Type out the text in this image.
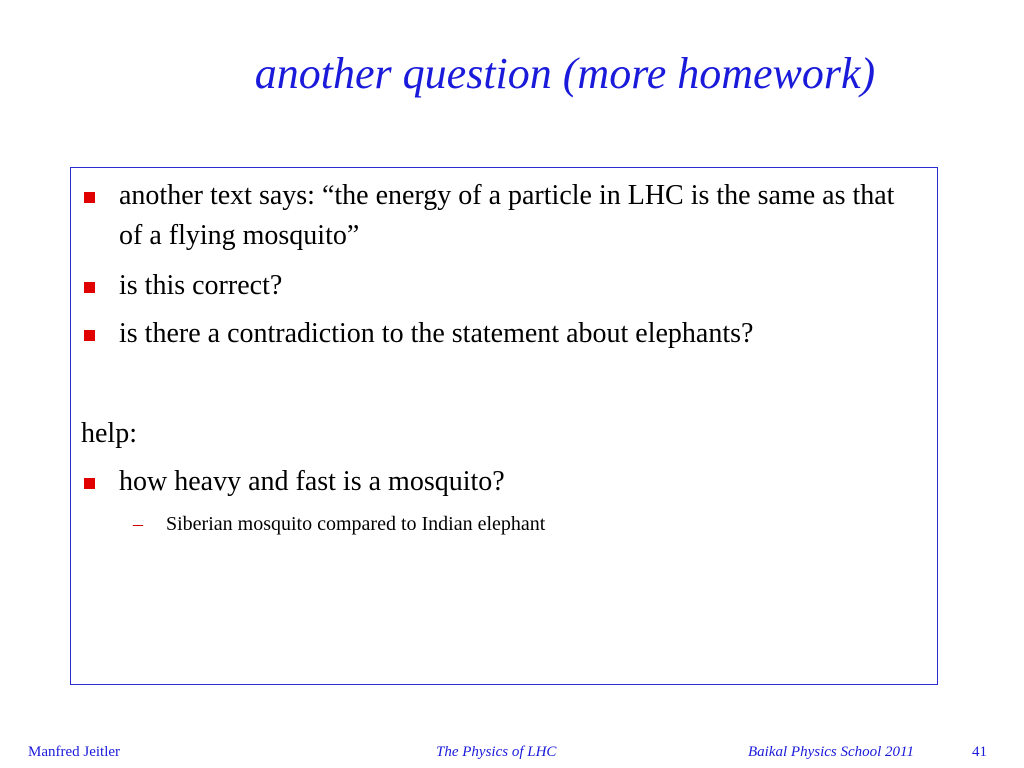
another question (more homework)
another text says: “the energy of a particle in LHC is the same as that of a flying mosquito”
is this correct?
is there a contradiction to the statement about elephants?
help:
how heavy and fast is a mosquito?
– Siberian mosquito compared to Indian elephant
Manfred Jeitler	The Physics of LHC	Baikal Physics School 2011	41
